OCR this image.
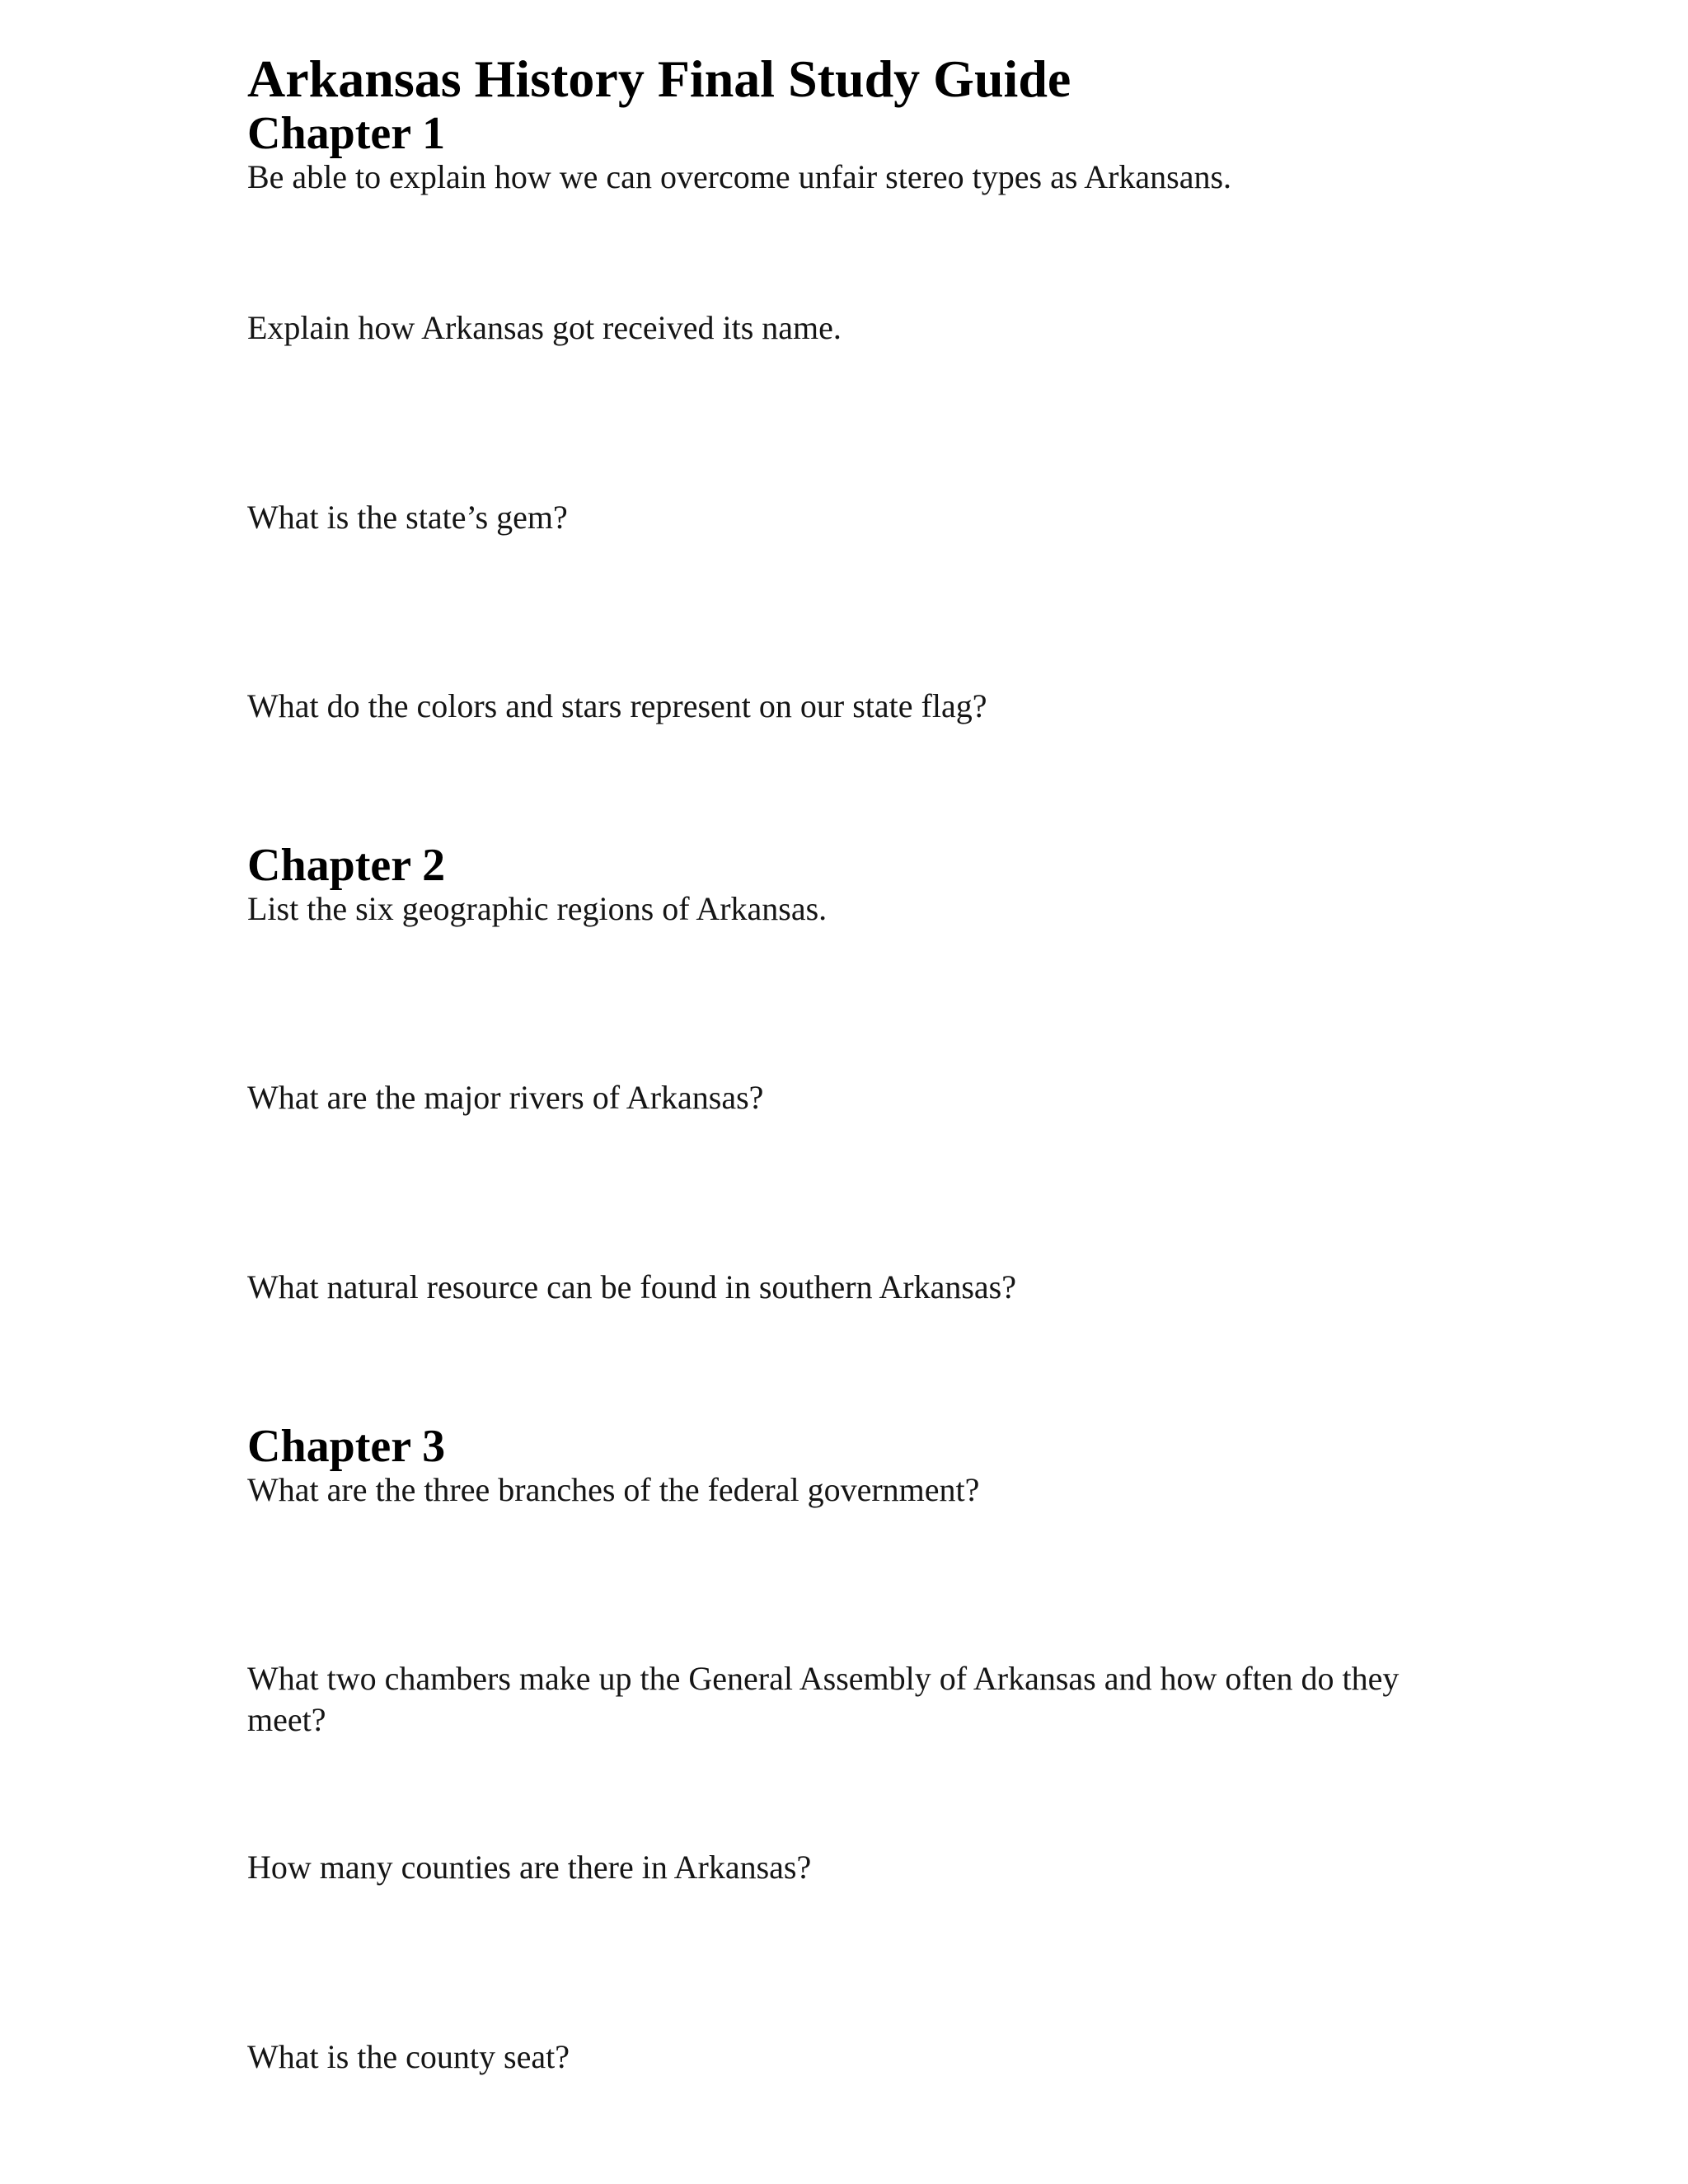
Arkansas History Final Study Guide
Chapter 1

Be able to explain how we can overcome unfair stereo types as Arkansans.

Explain how Arkansas got received its name.

What is the state’s gem?

What do the colors and stars represent on our state flag?

Chapter 2

List the six geographic regions of Arkansas.

What are the major rivers of Arkansas?

What natural resource can be found in southern Arkansas?

Chapter 3

What are the three branches of the federal government?

What two chambers make up the General Assembly of Arkansas and how often do they meet?

How many counties are there in Arkansas?

What is the county seat?
